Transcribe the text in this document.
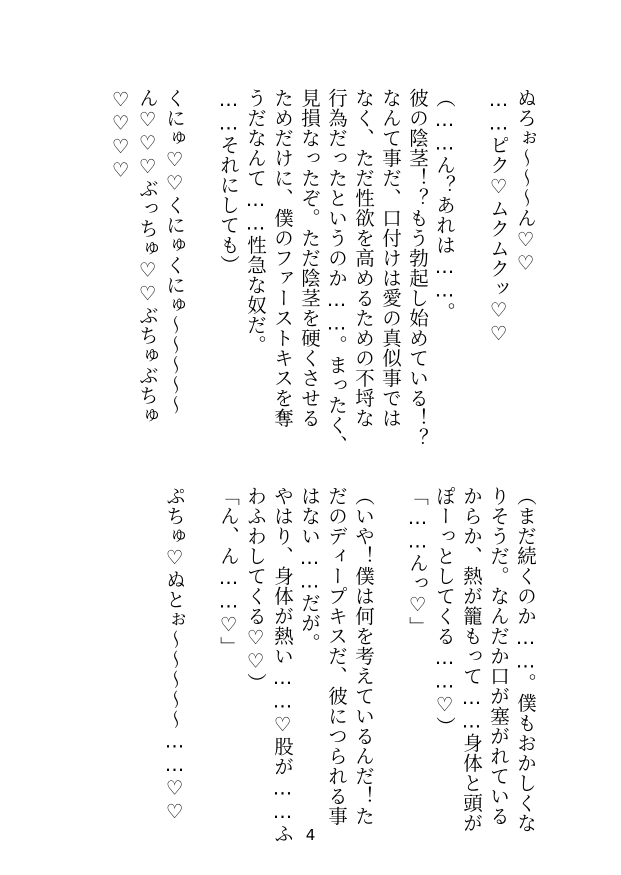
ぬろぉ～～～ん♡♡
……ピク♡ムクムクッ♡♡
（……ん？あれは……。
彼の陰茎！？もう勃起し始めている！？
なんて事だ、口付けは愛の真似事では
なく、ただ性欲を高めるための不埒な
行為だったというのか……。まったく、
見損なったぞ。ただ陰茎を硬くさせる
ためだけに、僕のファーストキスを奪
うだなんて……性急な奴だ。
……それにしても）
くにゅ♡♡くにゅくにゅ～～～～～
ん♡♡♡ぶっちゅ♡♡ぶちゅぶちゅ
♡♡♡♡
（まだ続くのか……。僕もおかしくな
りそうだ。なんだか口が塞がれている
からか、熱が籠もって……身体と頭が
ぽーっとしてくる……♡）
「……んっ♡」
（いや！僕は何を考えているんだ！た
だのディープキスだ、彼につられる事
はない……だが。
やはり、身体が熱い……♡股が……ふ
わふわしてくる♡♡）
「ん、ん……♡」
ぷちゅ♡ぬとぉ～～～～～……♡♡
4
